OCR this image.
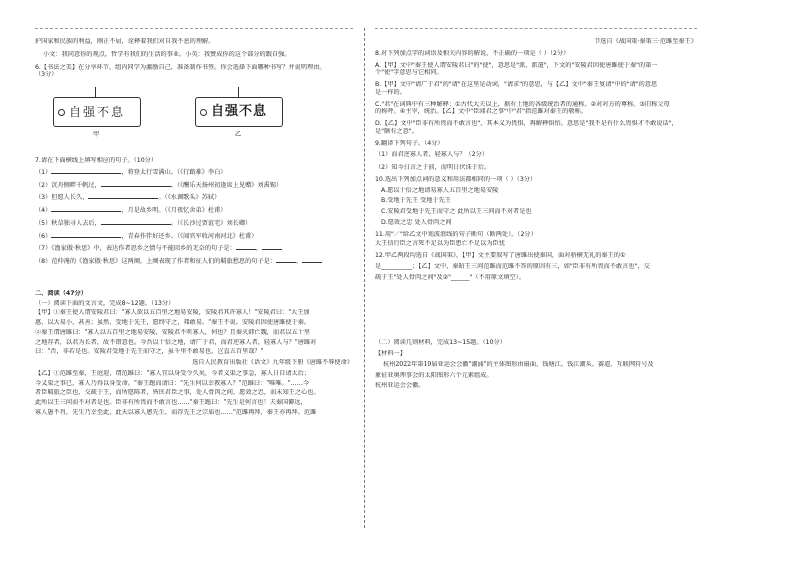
护国家和民族的利益，刚正不屈，诠释着我们对自我不息的理解。

小文：我同意你的观点，哲学有我们的生活的事业。小英：我赞成你的这个部分的跟自强。

6.【书法之美】在分享环节，组内同学为激励自己，准备制作书签。你会选择下面哪种书写？并说明理由。

（3分）

自强不息
甲
自强不息
乙

7.请在下面横线上填写相应的句子。（10分）

（1）	，将登太行雪满山。（《行路难》李白）

（2）沉舟侧畔千帆过，	。（《酬乐天扬州初逢席上见赠》刘禹锡）

（3）但愿人长久，	。（《水调歌头》苏轼）

（4）	，月是故乡明。（《月夜忆舍弟》杜甫）

（5）秋草独寻人去后，	。（《长沙过贾谊宅》刘长卿）

（6）	，青春作伴好还乡。（《闻官军收河南河北》杜甫）

（7）《渔家傲·秋思》中，表达作者思乡之情与不能回乡的无奈的句子是：	，

（8）范仲淹的《渔家傲·秋思》这两阕，上阕表现了作者和征人们的羁旅愁思的句子是：	，

二、阅读（47分）

（一）阅读下面的文言文，完成8~12题。（13分）

【甲】①秦王使人谓安陵君曰："寡人欲以五百里之地易安陵，安陵君其许寡人！"安陵君曰："大王加

惠，以大易小，甚善；虽然，受地于先王，愿终守之，弗敢易。"秦王不说。安陵君因使唐雎使于秦。

②秦王谓唐雎曰："寡人以五百里之地易安陵，安陵君不听寡人，何也？且秦灭韩亡魏，而君以五十里

之地存者，以君为长者，故不错意也。今吾以十倍之地，请广于君，而君逆寡人者，轻寡人与？"唐雎对

曰："否，非若是也。安陵君受地于先王而守之，虽千里不敢易也，岂直五百里哉？"

选自人民教育出版社《语文》九年级下册《唐雎不辱使命》

【乙】①范雎至秦，王庭迎，谓范雎曰："寡人宜以身受令久矣，今者义渠之事急，寡人日自请太后；

今义渠之事已，寡人乃得以身受命。"秦王跽而请曰："先生何以幸教寡人？"范雎曰："唯唯。"……今

者臣羁旅之臣也，交疏于王，而所愿陈者，皆匡君臣之事，处人骨肉之间，愿效之忠，而未知王之心也。

此所以王三问而不对者是也。臣非有所畏而不敢言也……"秦王跽曰："先生是何言也！夫秦国僻远，

寡人愚不肖，先生乃幸至此，此天以寡人慁先生，而存先王之宗庙也……"范雎再拜，秦王亦再拜。范雎

节选自《战国策·秦策三·范雎至秦王》

8.对下列加点字的词语及相关内容的解说，不正确的一项是（ ）（2分）

A.【甲】文中"秦王使人谓安陵君曰"的"使"，意思是"派，派遣"，下文的"安陵君因使唐雎使于秦"的第一

个"使"字意思与它相同。

B.【甲】文中"请广于君"的"请"在这里是动词，"请求"的意思，与【乙】文中"秦王复请"中的"请"的意思

是一样的。

C."君"在词典中有三种解释：①古代大夫以上，据有土地的各级统治者的通称。②对对方的尊称。③旧称父母

的称呼。④主宰，统治。【乙】文中"臣闻君之事"中"君"指范雎对秦王的敬称。

D.【乙】文中"臣非有所畏而不敢言也"，其本义为畏惧，再解释惧怕。意思是"我不是有什么畏惧才不敢说话"，

是"颇有之意"。

9.翻译下列句子。（4分）

（1）而君逆寡人者，轻寡人与？（2分）

（2）知今日言之于前，而明日伏诛于后。

10.选出下列加点词的意义和用法都相同的一项（ ）（3分）

A.愿以十倍之地请易寡人五百里之地易安陵

B.受地于先王 受地于先王

C.安陵君受地于先王而守之 此所以王三问而不对者是也

D.愿效之忠 处人骨肉之间

11.用"／"给乙文中划波浪线的句子断句（断两处）。（2分）

大王信行臣之言死不足以为臣患亡不足以为臣忧

12.甲乙两段均选自《战国策》，【甲】文主要叙写了唐雎出使秦国，面对骄横无礼的秦王的①

是__________；【乙】文中，秦昭王三问范雎而范雎不答的原因有三，如"臣非有所畏而不敢言也"，交

疏于王"处人骨肉之间"及②"______"（不用原文填空）。

（二）阅读几则材料，完成13~15题。（10分）

【材料一】

杭州2022年第19届亚运会会徽"潮涌"的主体图形由扇面、钱塘江、钱江潮头、赛道、互联网符号及

象征亚奥理事会的太阳图形六个元素组成。

杭州亚运会会徽。
